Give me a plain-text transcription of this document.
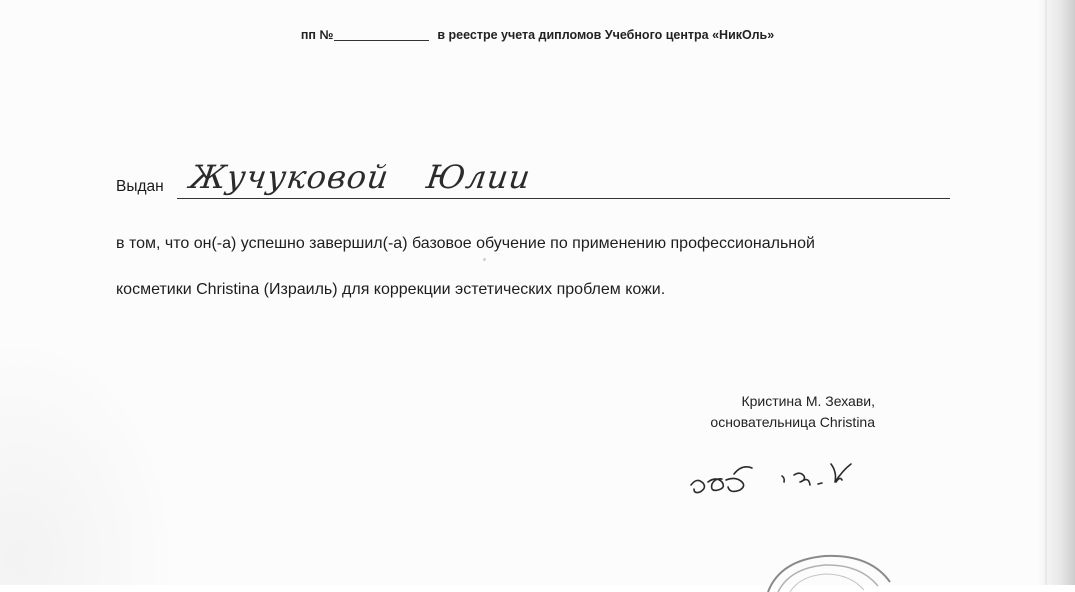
пп №	в реестре учета дипломов Учебного центра «НикОль»
Выдан Жучуковой Юлии
в том, что он(-а) успешно завершил(-а) базовое обучение по применению профессиональной
косметики Christina (Израиль) для коррекции эстетических проблем кожи.
Кристина М. Зехави,
основательница Christina
